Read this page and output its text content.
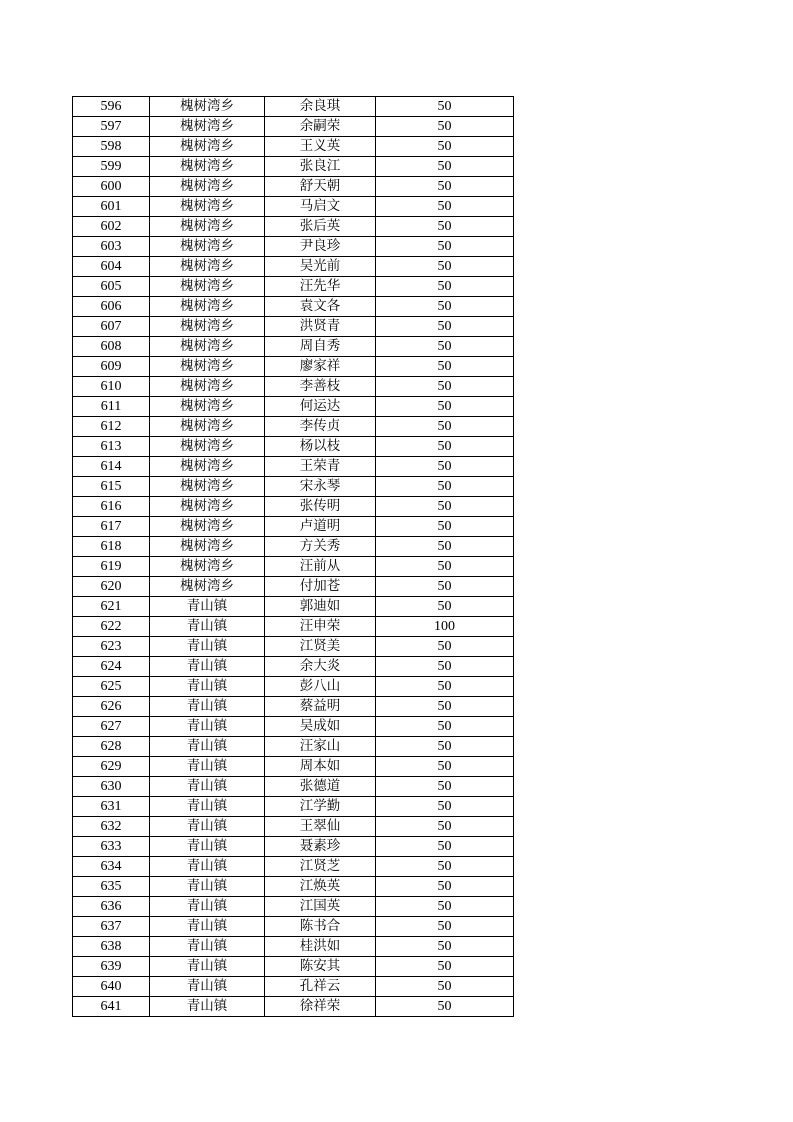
596	槐树湾乡	余良琪	50
597	槐树湾乡	余嗣荣	50
598	槐树湾乡	王义英	50
599	槐树湾乡	张良江	50
600	槐树湾乡	舒天朝	50
601	槐树湾乡	马启文	50
602	槐树湾乡	张后英	50
603	槐树湾乡	尹良珍	50
604	槐树湾乡	吴光前	50
605	槐树湾乡	汪先华	50
606	槐树湾乡	袁文各	50
607	槐树湾乡	洪贤青	50
608	槐树湾乡	周自秀	50
609	槐树湾乡	廖家祥	50
610	槐树湾乡	李善枝	50
611	槐树湾乡	何运达	50
612	槐树湾乡	李传贞	50
613	槐树湾乡	杨以枝	50
614	槐树湾乡	王荣青	50
615	槐树湾乡	宋永琴	50
616	槐树湾乡	张传明	50
617	槐树湾乡	卢道明	50
618	槐树湾乡	方关秀	50
619	槐树湾乡	汪前从	50
620	槐树湾乡	付加苍	50
621	青山镇	郭迪如	50
622	青山镇	汪申荣	100
623	青山镇	江贤美	50
624	青山镇	余大炎	50
625	青山镇	彭八山	50
626	青山镇	蔡益明	50
627	青山镇	吴成如	50
628	青山镇	汪家山	50
629	青山镇	周本如	50
630	青山镇	张德道	50
631	青山镇	江学勤	50
632	青山镇	王翠仙	50
633	青山镇	聂素珍	50
634	青山镇	江贤芝	50
635	青山镇	江焕英	50
636	青山镇	江国英	50
637	青山镇	陈书合	50
638	青山镇	桂洪如	50
639	青山镇	陈安其	50
640	青山镇	孔祥云	50
641	青山镇	徐祥荣	50
